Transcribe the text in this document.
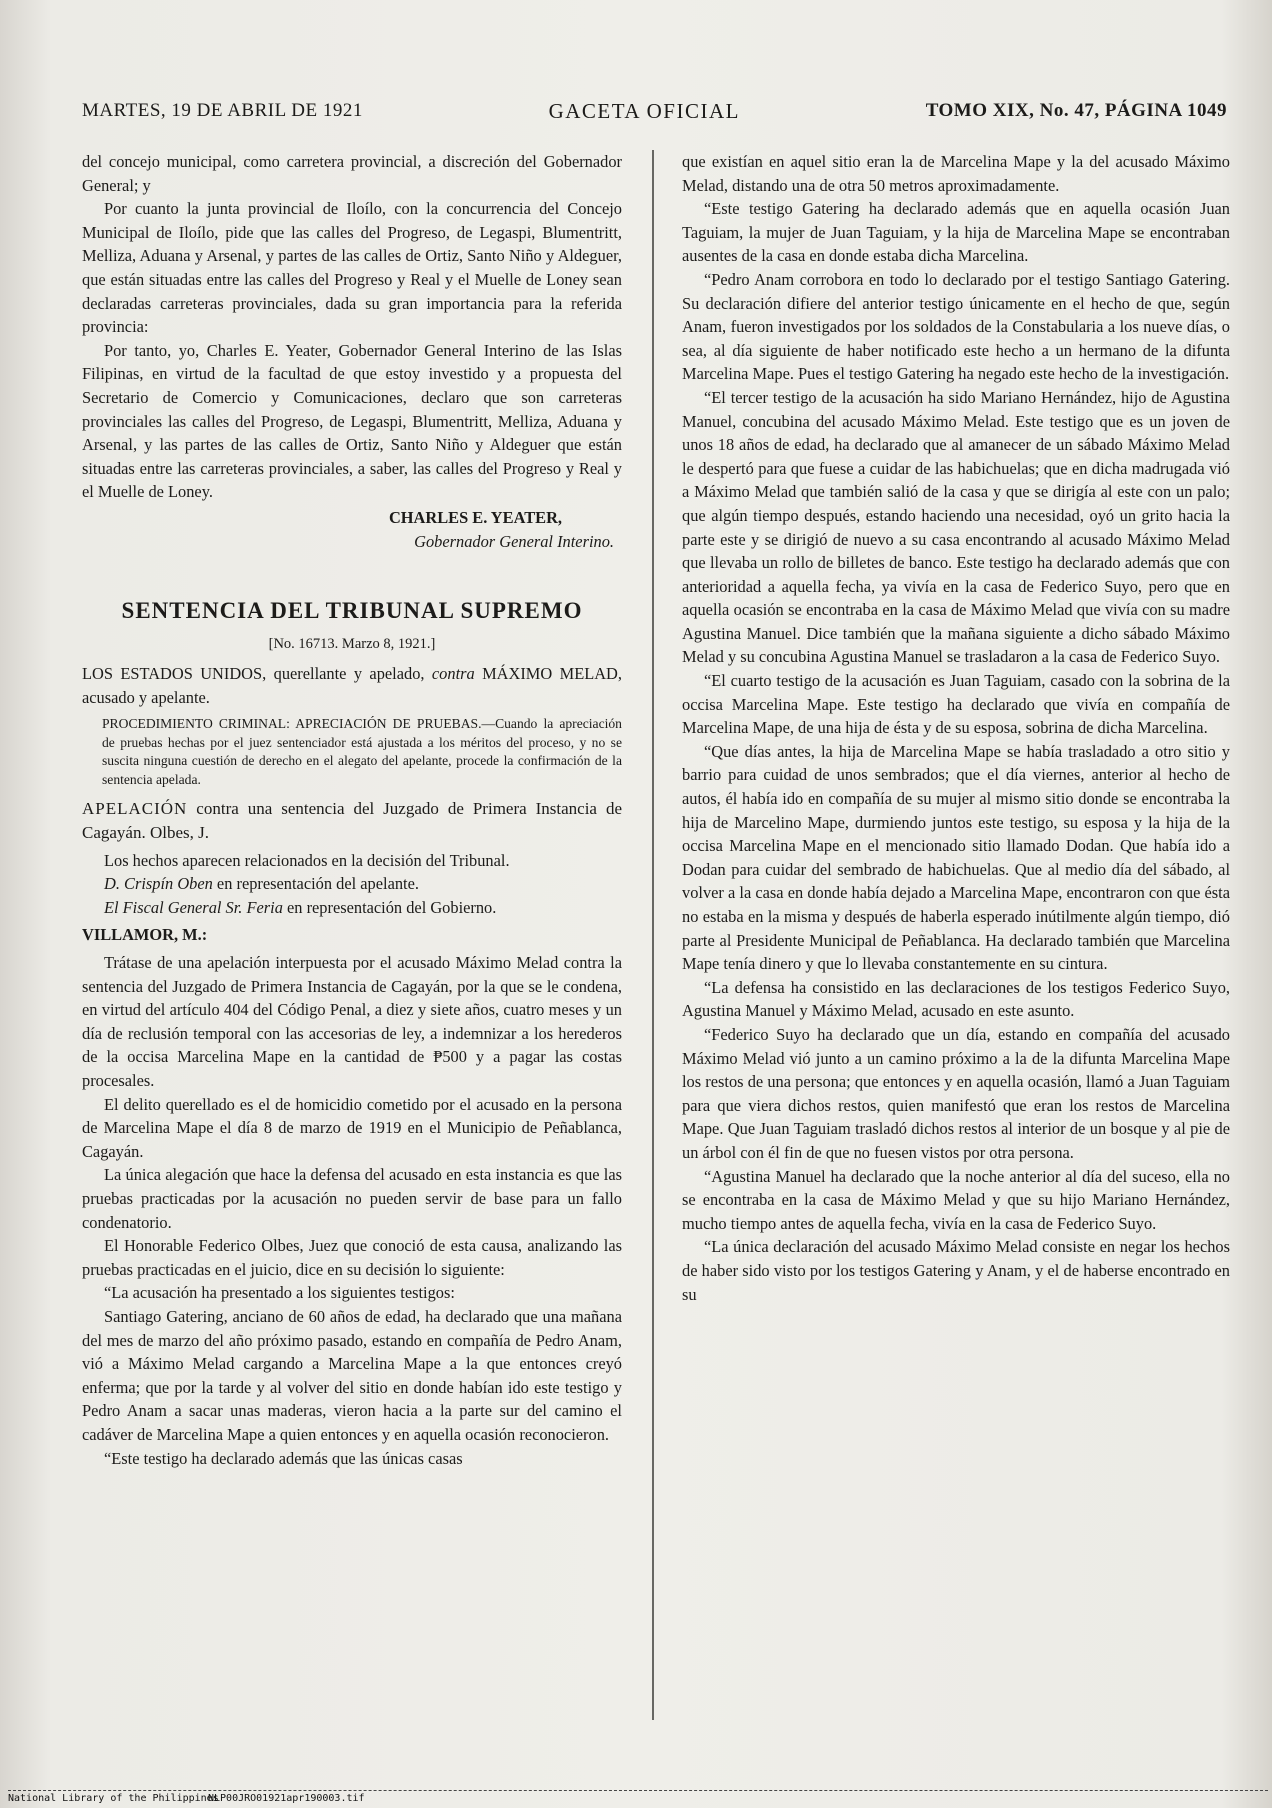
MARTES, 19 DE ABRIL DE 1921	GACETA OFICIAL	TOMO XIX, No. 47, PÁGINA 1049

del concejo municipal, como carretera provincial, a discreción del Gobernador General; y

Por cuanto la junta provincial de Iloílo, con la concurrencia del Concejo Municipal de Iloílo, pide que las calles del Progreso, de Legaspi, Blumentritt, Melliza, Aduana y Arsenal, y partes de las calles de Ortiz, Santo Niño y Aldeguer, que están situadas entre las calles del Progreso y Real y el Muelle de Loney sean declaradas carreteras provinciales, dada su gran importancia para la referida provincia:

Por tanto, yo, Charles E. Yeater, Gobernador General Interino de las Islas Filipinas, en virtud de la facultad de que estoy investido y a propuesta del Secretario de Comercio y Comunicaciones, declaro que son carreteras provinciales las calles del Progreso, de Legaspi, Blumentritt, Melliza, Aduana y Arsenal, y las partes de las calles de Ortiz, Santo Niño y Aldeguer que están situadas entre las carreteras provinciales, a saber, las calles del Progreso y Real y el Muelle de Loney.

CHARLES E. YEATER,

Gobernador General Interino.

SENTENCIA DEL TRIBUNAL SUPREMO

[No. 16713. Marzo 8, 1921.]

LOS ESTADOS UNIDOS, querellante y apelado, contra MÁXIMO MELAD, acusado y apelante.

PROCEDIMIENTO CRIMINAL: APRECIACIÓN DE PRUEBAS.—Cuando la apreciación de pruebas hechas por el juez sentenciador está ajustada a los méritos del proceso, y no se suscita ninguna cuestión de derecho en el alegato del apelante, procede la confirmación de la sentencia apelada.

APELACIÓN contra una sentencia del Juzgado de Primera Instancia de Cagayán. Olbes, J.

Los hechos aparecen relacionados en la decisión del Tribunal.

D. Crispín Oben en representación del apelante.

El Fiscal General Sr. Feria en representación del Gobierno.

VILLAMOR, M.:

Trátase de una apelación interpuesta por el acusado Máximo Melad contra la sentencia del Juzgado de Primera Instancia de Cagayán, por la que se le condena, en virtud del artículo 404 del Código Penal, a diez y siete años, cuatro meses y un día de reclusión temporal con las accesorias de ley, a indemnizar a los herederos de la occisa Marcelina Mape en la cantidad de ₱500 y a pagar las costas procesales.

El delito querellado es el de homicidio cometido por el acusado en la persona de Marcelina Mape el día 8 de marzo de 1919 en el Municipio de Peñablanca, Cagayán.

La única alegación que hace la defensa del acusado en esta instancia es que las pruebas practicadas por la acusación no pueden servir de base para un fallo condenatorio.

El Honorable Federico Olbes, Juez que conoció de esta causa, analizando las pruebas practicadas en el juicio, dice en su decisión lo siguiente:

“La acusación ha presentado a los siguientes testigos:

Santiago Gatering, anciano de 60 años de edad, ha declarado que una mañana del mes de marzo del año próximo pasado, estando en compañía de Pedro Anam, vió a Máximo Melad cargando a Marcelina Mape a la que entonces creyó enferma; que por la tarde y al volver del sitio en donde habían ido este testigo y Pedro Anam a sacar unas maderas, vieron hacia a la parte sur del camino el cadáver de Marcelina Mape a quien entonces y en aquella ocasión reconocieron.

“Este testigo ha declarado además que las únicas casas

que existían en aquel sitio eran la de Marcelina Mape y la del acusado Máximo Melad, distando una de otra 50 metros aproximadamente.

“Este testigo Gatering ha declarado además que en aquella ocasión Juan Taguiam, la mujer de Juan Taguiam, y la hija de Marcelina Mape se encontraban ausentes de la casa en donde estaba dicha Marcelina.

“Pedro Anam corrobora en todo lo declarado por el testigo Santiago Gatering. Su declaración difiere del anterior testigo únicamente en el hecho de que, según Anam, fueron investigados por los soldados de la Constabularia a los nueve días, o sea, al día siguiente de haber notificado este hecho a un hermano de la difunta Marcelina Mape. Pues el testigo Gatering ha negado este hecho de la investigación.

“El tercer testigo de la acusación ha sido Mariano Hernández, hijo de Agustina Manuel, concubina del acusado Máximo Melad. Este testigo que es un joven de unos 18 años de edad, ha declarado que al amanecer de un sábado Máximo Melad le despertó para que fuese a cuidar de las habichuelas; que en dicha madrugada vió a Máximo Melad que también salió de la casa y que se dirigía al este con un palo; que algún tiempo después, estando haciendo una necesidad, oyó un grito hacia la parte este y se dirigió de nuevo a su casa encontrando al acusado Máximo Melad que llevaba un rollo de billetes de banco. Este testigo ha declarado además que con anterioridad a aquella fecha, ya vivía en la casa de Federico Suyo, pero que en aquella ocasión se encontraba en la casa de Máximo Melad que vivía con su madre Agustina Manuel. Dice también que la mañana siguiente a dicho sábado Máximo Melad y su concubina Agustina Manuel se trasladaron a la casa de Federico Suyo.

“El cuarto testigo de la acusación es Juan Taguiam, casado con la sobrina de la occisa Marcelina Mape. Este testigo ha declarado que vivía en compañía de Marcelina Mape, de una hija de ésta y de su esposa, sobrina de dicha Marcelina.

“Que días antes, la hija de Marcelina Mape se había trasladado a otro sitio y barrio para cuidad de unos sembrados; que el día viernes, anterior al hecho de autos, él había ido en compañía de su mujer al mismo sitio donde se encontraba la hija de Marcelino Mape, durmiendo juntos este testigo, su esposa y la hija de la occisa Marcelina Mape en el mencionado sitio llamado Dodan. Que había ido a Dodan para cuidar del sembrado de habichuelas. Que al medio día del sábado, al volver a la casa en donde había dejado a Marcelina Mape, encontraron con que ésta no estaba en la misma y después de haberla esperado inútilmente algún tiempo, dió parte al Presidente Municipal de Peñablanca. Ha declarado también que Marcelina Mape tenía dinero y que lo llevaba constantemente en su cintura.

“La defensa ha consistido en las declaraciones de los testigos Federico Suyo, Agustina Manuel y Máximo Melad, acusado en este asunto.

“Federico Suyo ha declarado que un día, estando en compañía del acusado Máximo Melad vió junto a un camino próximo a la de la difunta Marcelina Mape los restos de una persona; que entonces y en aquella ocasión, llamó a Juan Taguiam para que viera dichos restos, quien manifestó que eran los restos de Marcelina Mape. Que Juan Taguiam trasladó dichos restos al interior de un bosque y al pie de un árbol con él fin de que no fuesen vistos por otra persona.

“Agustina Manuel ha declarado que la noche anterior al día del suceso, ella no se encontraba en la casa de Máximo Melad y que su hijo Mariano Hernández, mucho tiempo antes de aquella fecha, vivía en la casa de Federico Suyo.

“La única declaración del acusado Máximo Melad consiste en negar los hechos de haber sido visto por los testigos Gatering y Anam, y el de haberse encontrado en su

National Library of the Philippines
NLP00JRO01921apr190003.tif
